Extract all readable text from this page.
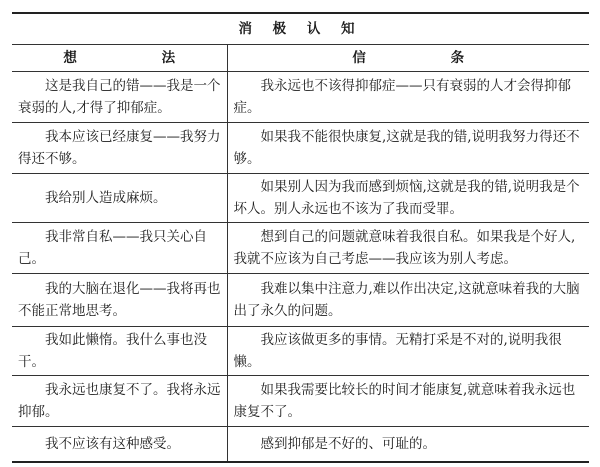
消 极 认 知	
想 法	信 条
这是我自己的错——我是一个衰弱的人,才得了抑郁症。	我永远也不该得抑郁症——只有衰弱的人才会得抑郁症。
我本应该已经康复——我努力得还不够。	如果我不能很快康复,这就是我的错,说明我努力得还不够。
我给别人造成麻烦。	如果别人因为我而感到烦恼,这就是我的错,说明我是个坏人。别人永远也不该为了我而受罪。
我非常自私——我只关心自己。	想到自己的问题就意味着我很自私。如果我是个好人,我就不应该为自己考虑——我应该为别人考虑。
我的大脑在退化——我将再也不能正常地思考。	我难以集中注意力,难以作出决定,这就意味着我的大脑出了永久的问题。
我如此懒惰。我什么事也没干。	我应该做更多的事情。无精打采是不对的,说明我很懒。
我永远也康复不了。我将永远抑郁。	如果我需要比较长的时间才能康复,就意味着我永远也康复不了。
我不应该有这种感受。	感到抑郁是不好的、可耻的。
